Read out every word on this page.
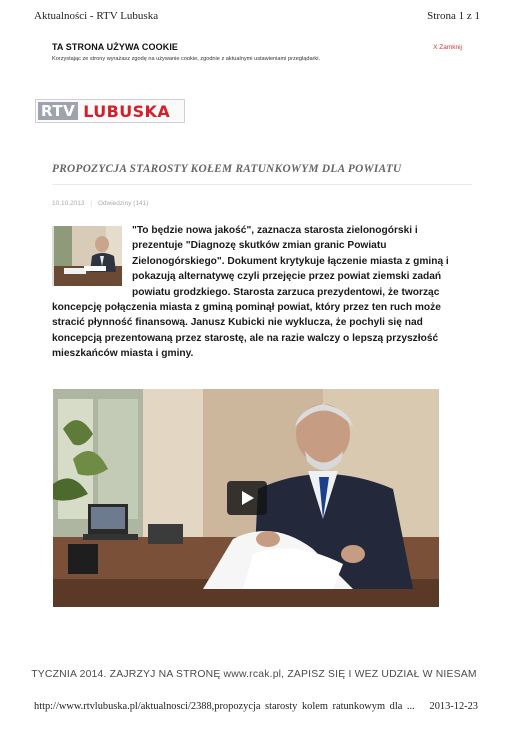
Aktualności - RTV Lubuska	Strona 1 z 1
TA STRONA UŻYWA COOKIE
Korzystając ze strony wyrażasz zgodę na używanie cookie, zgodnie z aktualnymi ustawieniami przeglądarki.
X Zamknij
RTV LUBUSKA
PROPOZYCJA STAROSTY KOŁEM RATUNKOWYM DLA POWIATU
10.10.2013 | Odwiedziny (141)
"To będzie nowa jakość", zaznacza starosta zielonogórski i prezentuje "Diagnozę skutków zmian granic Powiatu Zielonogórskiego". Dokument krytykuje łączenie miasta z gminą i pokazują alternatywę czyli przejęcie przez powiat ziemski zadań powiatu grodzkiego. Starosta zarzuca prezydentowi, że tworząc koncepcję połączenia miasta z gminą pominął powiat, który przez ten ruch może stracić płynność finansową. Janusz Kubicki nie wyklucza, że pochyli się nad koncepcją prezentowaną przez starostę, ale na razie walczy o lepszą przyszłość mieszkańców miasta i gminy.
TYCZNIA 2014. ZAJRZYJ NA STRONĘ www.rcak.pl, ZAPISZ SIĘ I WEŹ UDZIAŁ W NIESAM
http://www.rtvlubuska.pl/aktualnosci/2388,propozycja starosty kolem ratunkowym dla ... 2013-12-23
